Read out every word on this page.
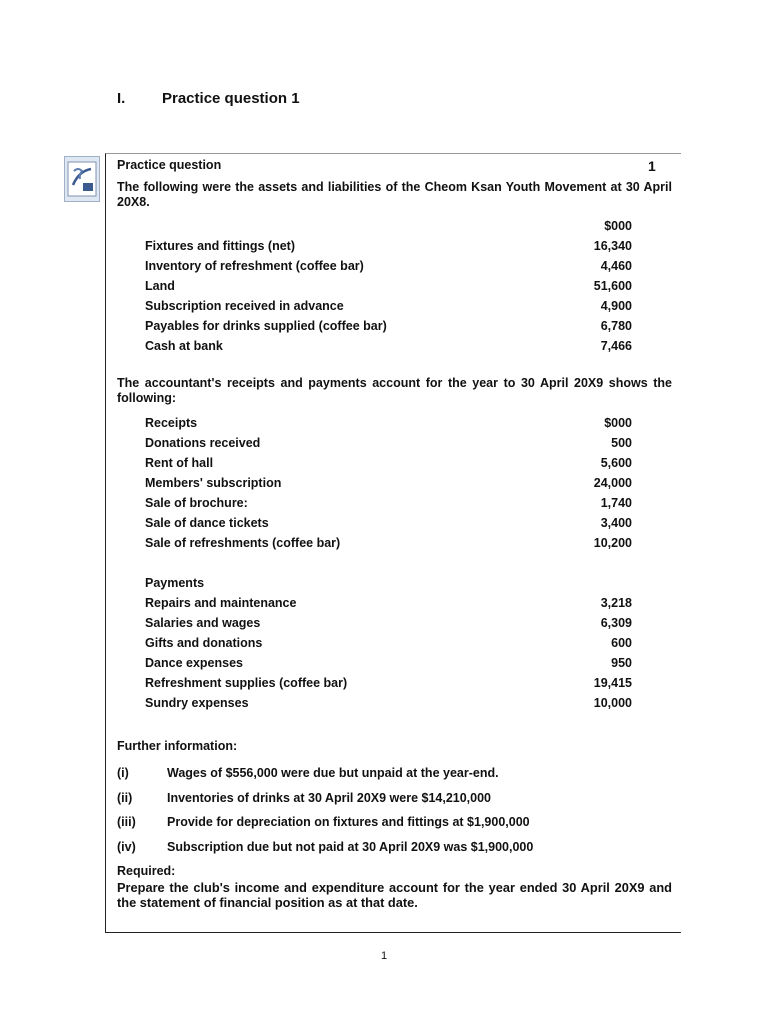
I. Practice question 1
Practice question	1
The following were the assets and liabilities of the Cheom Ksan Youth Movement at 30 April 20X8.
$000
Fixtures and fittings (net)	16,340
Inventory of refreshment (coffee bar)	4,460
Land	51,600
Subscription received in advance	4,900
Payables for drinks supplied (coffee bar)	6,780
Cash at bank	7,466
The accountant's receipts and payments account for the year to 30 April 20X9 shows the following:
Receipts	$000
Donations received	500
Rent of hall	5,600
Members' subscription	24,000
Sale of brochure:	1,740
Sale of dance tickets	3,400
Sale of refreshments (coffee bar)	10,200
Payments
Repairs and maintenance	3,218
Salaries and wages	6,309
Gifts and donations	600
Dance expenses	950
Refreshment supplies (coffee bar)	19,415
Sundry expenses	10,000
Further information:
(i)	Wages of $556,000 were due but unpaid at the year-end.
(ii)	Inventories of drinks at 30 April 20X9 were $14,210,000
(iii)	Provide for depreciation on fixtures and fittings at $1,900,000
(iv)	Subscription due but not paid at 30 April 20X9 was $1,900,000
Required:
Prepare the club's income and expenditure account for the year ended 30 April 20X9 and the statement of financial position as at that date.
1
